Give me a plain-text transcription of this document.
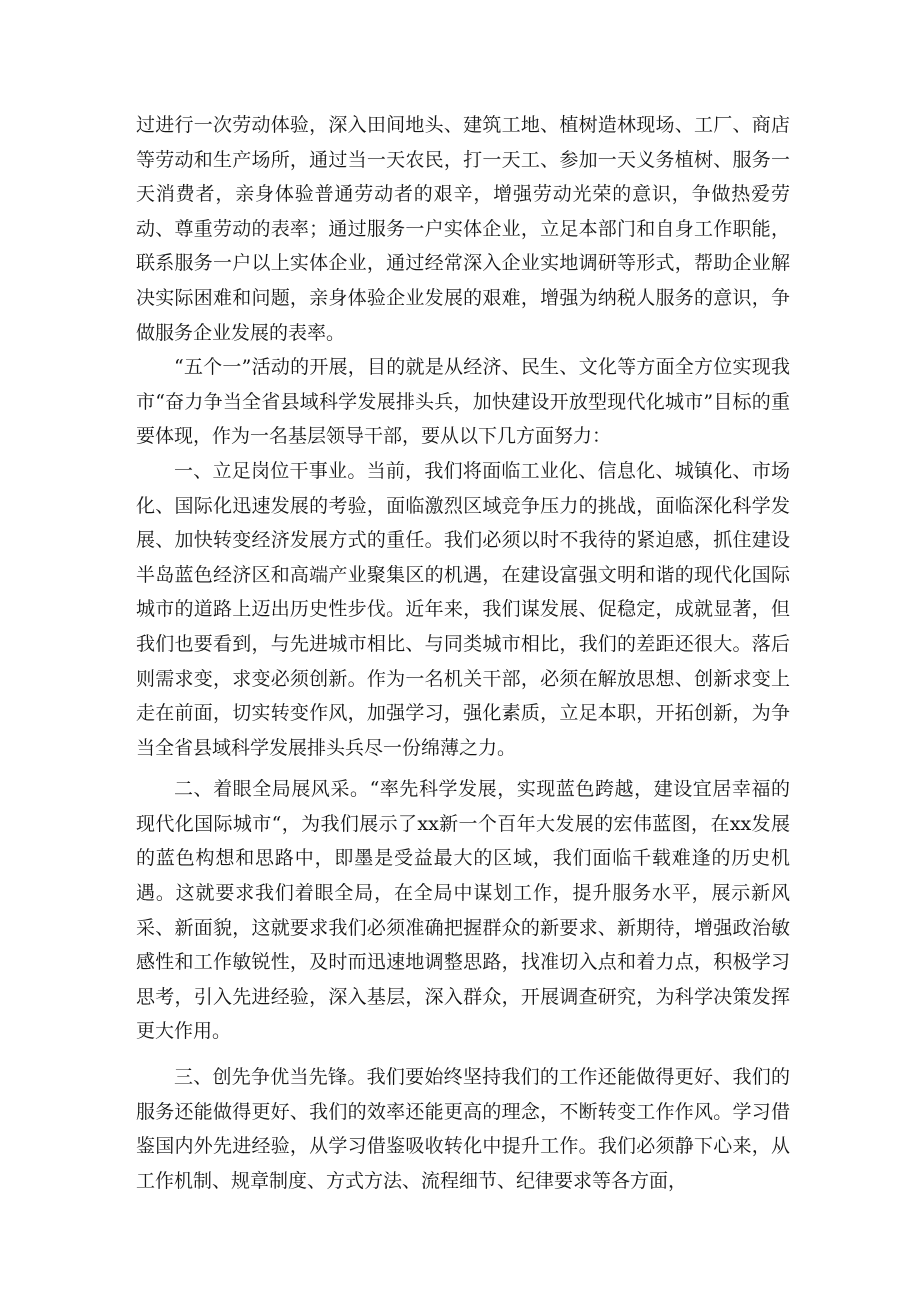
过进行一次劳动体验，深入田间地头、建筑工地、植树造林现场、工厂、商店等劳动和生产场所，通过当一天农民，打一天工、参加一天义务植树、服务一天消费者，亲身体验普通劳动者的艰辛，增强劳动光荣的意识，争做热爱劳动、尊重劳动的表率；通过服务一户实体企业，立足本部门和自身工作职能，联系服务一户以上实体企业，通过经常深入企业实地调研等形式，帮助企业解决实际困难和问题，亲身体验企业发展的艰难，增强为纳税人服务的意识，争做服务企业发展的表率。

“五个一”活动的开展，目的就是从经济、民生、文化等方面全方位实现我市“奋力争当全省县域科学发展排头兵，加快建设开放型现代化城市”目标的重要体现，作为一名基层领导干部，要从以下几方面努力：

一、立足岗位干事业。当前，我们将面临工业化、信息化、城镇化、市场化、国际化迅速发展的考验，面临激烈区域竞争压力的挑战，面临深化科学发展、加快转变经济发展方式的重任。我们必须以时不我待的紧迫感，抓住建设半岛蓝色经济区和高端产业聚集区的机遇，在建设富强文明和谐的现代化国际城市的道路上迈出历史性步伐。近年来，我们谋发展、促稳定，成就显著，但我们也要看到，与先进城市相比、与同类城市相比，我们的差距还很大。落后则需求变，求变必须创新。作为一名机关干部，必须在解放思想、创新求变上走在前面，切实转变作风，加强学习，强化素质，立足本职，开拓创新，为争当全省县域科学发展排头兵尽一份绵薄之力。

二、着眼全局展风采。“率先科学发展，实现蓝色跨越，建设宜居幸福的现代化国际城市“，为我们展示了xx新一个百年大发展的宏伟蓝图，在xx发展的蓝色构想和思路中，即墨是受益最大的区域，我们面临千载难逢的历史机遇。这就要求我们着眼全局，在全局中谋划工作，提升服务水平，展示新风采、新面貌，这就要求我们必须准确把握群众的新要求、新期待，增强政治敏感性和工作敏锐性，及时而迅速地调整思路，找准切入点和着力点，积极学习思考，引入先进经验，深入基层，深入群众，开展调查研究，为科学决策发挥更大作用。

三、创先争优当先锋。我们要始终坚持我们的工作还能做得更好、我们的服务还能做得更好、我们的效率还能更高的理念，不断转变工作作风。学习借鉴国内外先进经验，从学习借鉴吸收转化中提升工作。我们必须静下心来，从工作机制、规章制度、方式方法、流程细节、纪律要求等各方面，
